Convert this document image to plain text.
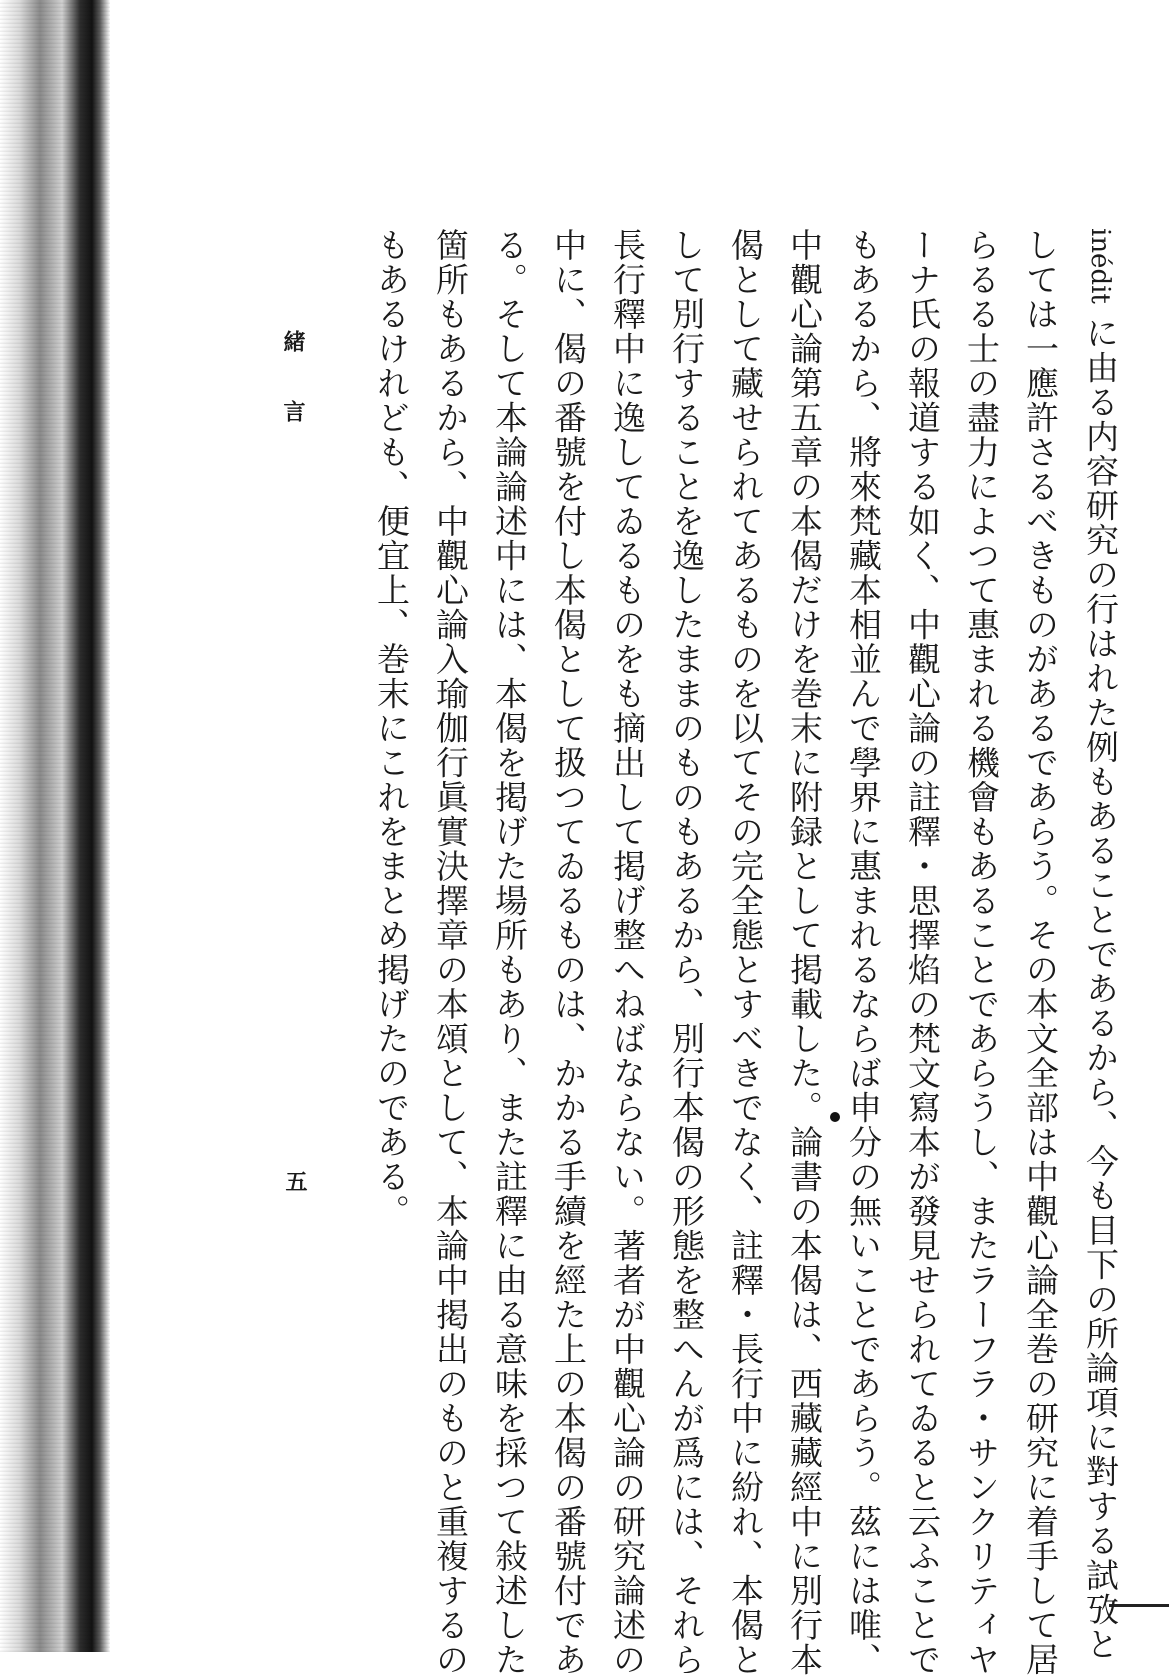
inéditに由る内容研究の行はれた例もあることであるから、今も目下の所論項に對する試攷と
しては一應許さるべきものがあるであらう。その本文全部は中觀心論全巻の研究に着手して居
らるる士の盡力によつて惠まれる機會もあることであらうし、またラーフラ・サンクリティヤ
ーナ氏の報道する如く、中觀心論の註釋・思擇焰の梵文寫本が發見せられてゐると云ふことで
もあるから、將來梵藏本相並んで學界に惠まれるならば申分の無いことであらう。茲には唯、
中觀心論第五章の本偈だけを巻末に附録として掲載した。論書の本偈は、西藏藏經中に別行本
偈として藏せられてあるものを以てその完全態とすべきでなく、註釋・長行中に紛れ、本偈と
して別行することを逸したままのものもあるから、別行本偈の形態を整へんが爲には、それら
長行釋中に逸してゐるものをも摘出して掲げ整へねばならない。著者が中觀心論の研究論述の
中に、偈の番號を付し本偈として扱つてゐるものは、かかる手續を經た上の本偈の番號付であ
る。そして本論論述中には、本偈を掲げた場所もあり、また註釋に由る意味を採つて敍述した
箇所もあるから、中觀心論入瑜伽行眞實決擇章の本頌として、本論中掲出のものと重複するの
もあるけれども、便宜上、巻末にこれをまとめ掲げたのである。
緒言
五
